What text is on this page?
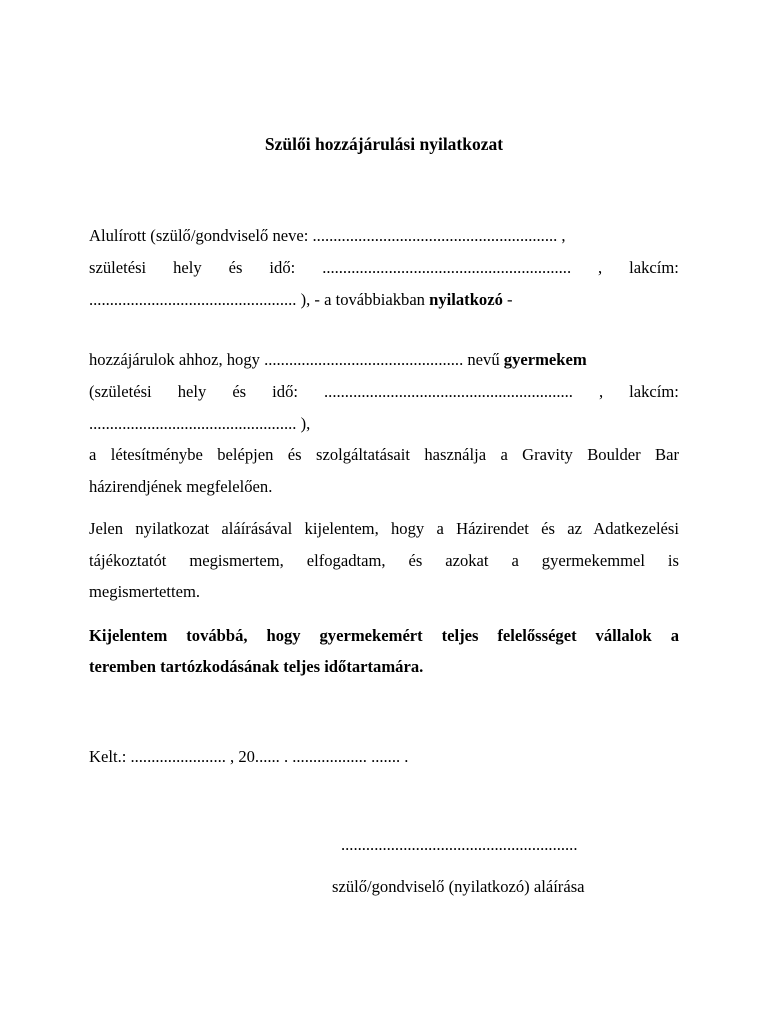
Szülői hozzájárulási nyilatkozat
Alulírott (szülő/gondviselő neve: ........................................................... ,
születési hely és idő: ............................................................ , lakcím:
.................................................. ), - a továbbiakban nyilatkozó -
hozzájárulok ahhoz, hogy ................................................ nevű gyermekem
(születési hely és idő: ............................................................ , lakcím:
.................................................. ),
a létesítménybe belépjen és szolgáltatásait használja a Gravity Boulder Bar
házirendjének megfelelően.
Jelen nyilatkozat aláírásával kijelentem, hogy a Házirendet és az Adatkezelési
tájékoztatót megismertem, elfogadtam, és azokat a gyermekemmel is
megismertettem.
Kijelentem továbbá, hogy gyermekemért teljes felelősséget vállalok a
teremben tartózkodásának teljes időtartamára.
Kelt.: ....................... , 20...... . .................. ....... .
.........................................................
szülő/gondviselő (nyilatkozó) aláírása
